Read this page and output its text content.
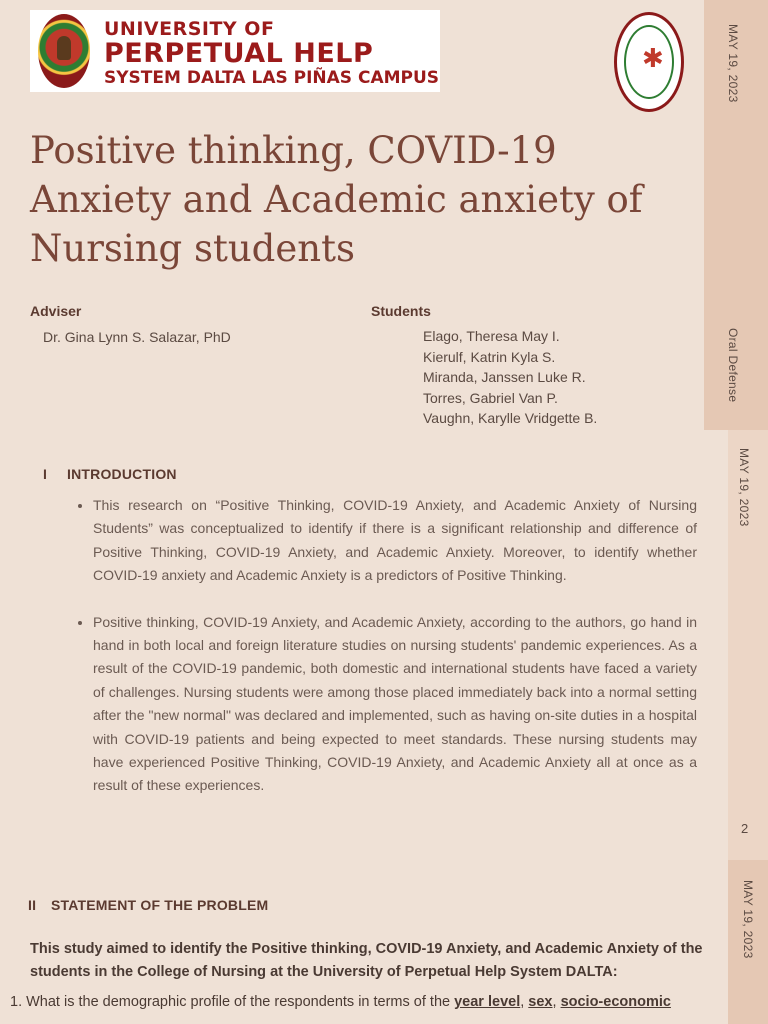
MAY 19, 2023
Oral Defense
MAY 19, 2023
2
MAY 19, 2023
UNIVERSITY OF
PERPETUAL HELP
SYSTEM DALTA LAS PIÑAS CAMPUS
✱
Positive thinking, COVID-19 Anxiety and Academic anxiety of Nursing students
Adviser
Dr. Gina Lynn S. Salazar, PhD
Students
Elago, Theresa May I.
Kierulf, Katrin Kyla S.
Miranda, Janssen Luke R.
Torres, Gabriel Van P.
Vaughn, Karylle Vridgette B.
I INTRODUCTION
• This research on “Positive Thinking, COVID-19 Anxiety, and Academic Anxiety of Nursing Students” was conceptualized to identify if there is a significant relationship and difference of Positive Thinking, COVID-19 Anxiety, and Academic Anxiety. Moreover, to identify whether COVID-19 anxiety and Academic Anxiety is a predictors of Positive Thinking.
• Positive thinking, COVID-19 Anxiety, and Academic Anxiety, according to the authors, go hand in hand in both local and foreign literature studies on nursing students' pandemic experiences. As a result of the COVID-19 pandemic, both domestic and international students have faced a variety of challenges. Nursing students were among those placed immediately back into a normal setting after the "new normal" was declared and implemented, such as having on-site duties in a hospital with COVID-19 patients and being expected to meet standards. These nursing students may have experienced Positive Thinking, COVID-19 Anxiety, and Academic Anxiety all at once as a result of these experiences.
II STATEMENT OF THE PROBLEM

This study aimed to identify the Positive thinking, COVID-19 Anxiety, and Academic Anxiety of the students in the College of Nursing at the University of Perpetual Help System DALTA:

1. What is the demographic profile of the respondents in terms of the year level, sex, socio-economic
